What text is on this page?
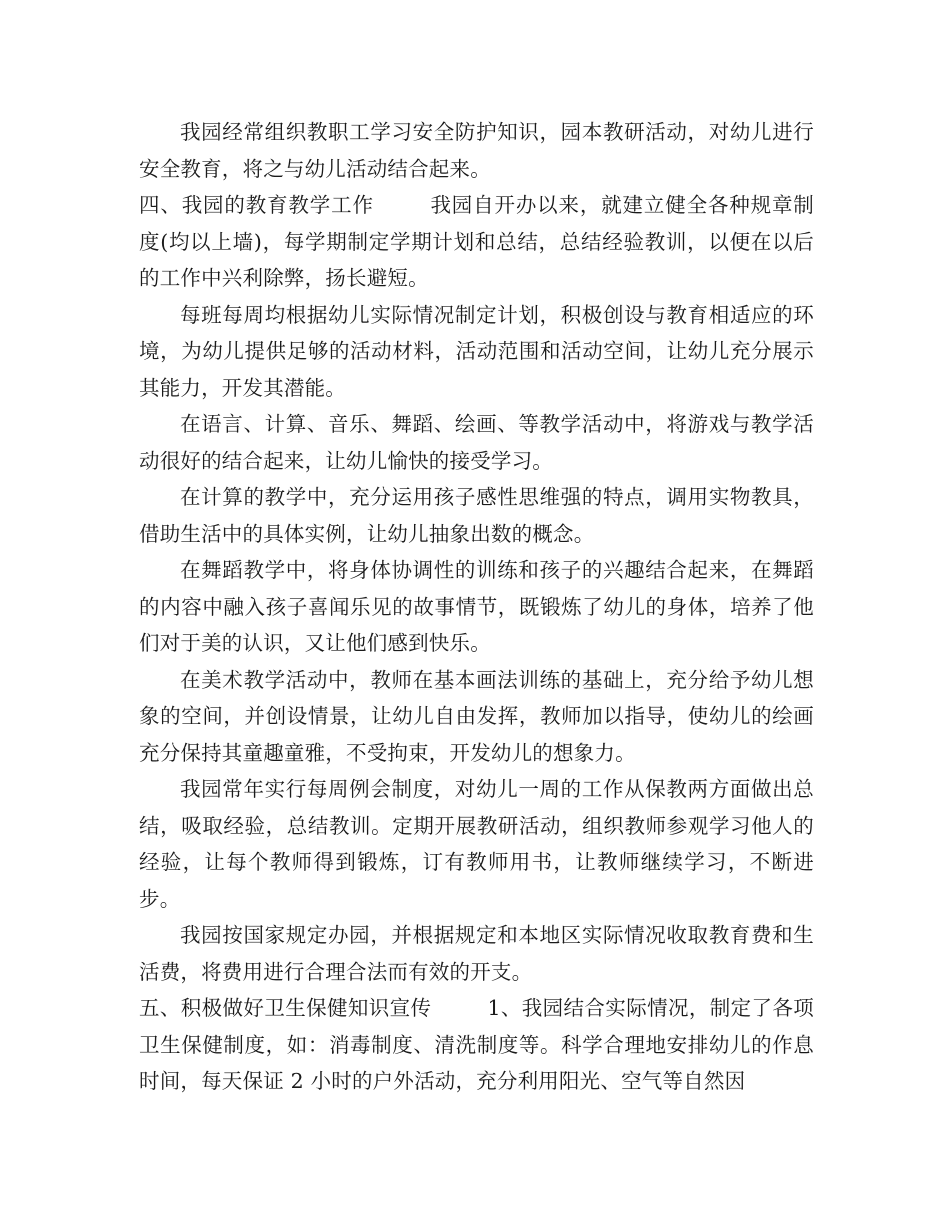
我园经常组织教职工学习安全防护知识，园本教研活动，对幼儿进行安全教育，将之与幼儿活动结合起来。

四、我园的教育教学工作	我园自开办以来，就建立健全各种规章制度(均以上墙)，每学期制定学期计划和总结，总结经验教训，以便在以后的工作中兴利除弊，扬长避短。

每班每周均根据幼儿实际情况制定计划，积极创设与教育相适应的环境，为幼儿提供足够的活动材料，活动范围和活动空间，让幼儿充分展示其能力，开发其潜能。

在语言、计算、音乐、舞蹈、绘画、等教学活动中，将游戏与教学活动很好的结合起来，让幼儿愉快的接受学习。

在计算的教学中，充分运用孩子感性思维强的特点，调用实物教具，借助生活中的具体实例，让幼儿抽象出数的概念。

在舞蹈教学中，将身体协调性的训练和孩子的兴趣结合起来，在舞蹈的内容中融入孩子喜闻乐见的故事情节，既锻炼了幼儿的身体，培养了他们对于美的认识，又让他们感到快乐。

在美术教学活动中，教师在基本画法训练的基础上，充分给予幼儿想象的空间，并创设情景，让幼儿自由发挥，教师加以指导，使幼儿的绘画充分保持其童趣童雅，不受拘束，开发幼儿的想象力。

我园常年实行每周例会制度，对幼儿一周的工作从保教两方面做出总结，吸取经验，总结教训。定期开展教研活动，组织教师参观学习他人的经验，让每个教师得到锻炼，订有教师用书，让教师继续学习，不断进步。

我园按国家规定办园，并根据规定和本地区实际情况收取教育费和生活费，将费用进行合理合法而有效的开支。

五、积极做好卫生保健知识宣传	1、我园结合实际情况，制定了各项卫生保健制度，如：消毒制度、清洗制度等。科学合理地安排幼儿的作息时间，每天保证 2 小时的户外活动，充分利用阳光、空气等自然因
